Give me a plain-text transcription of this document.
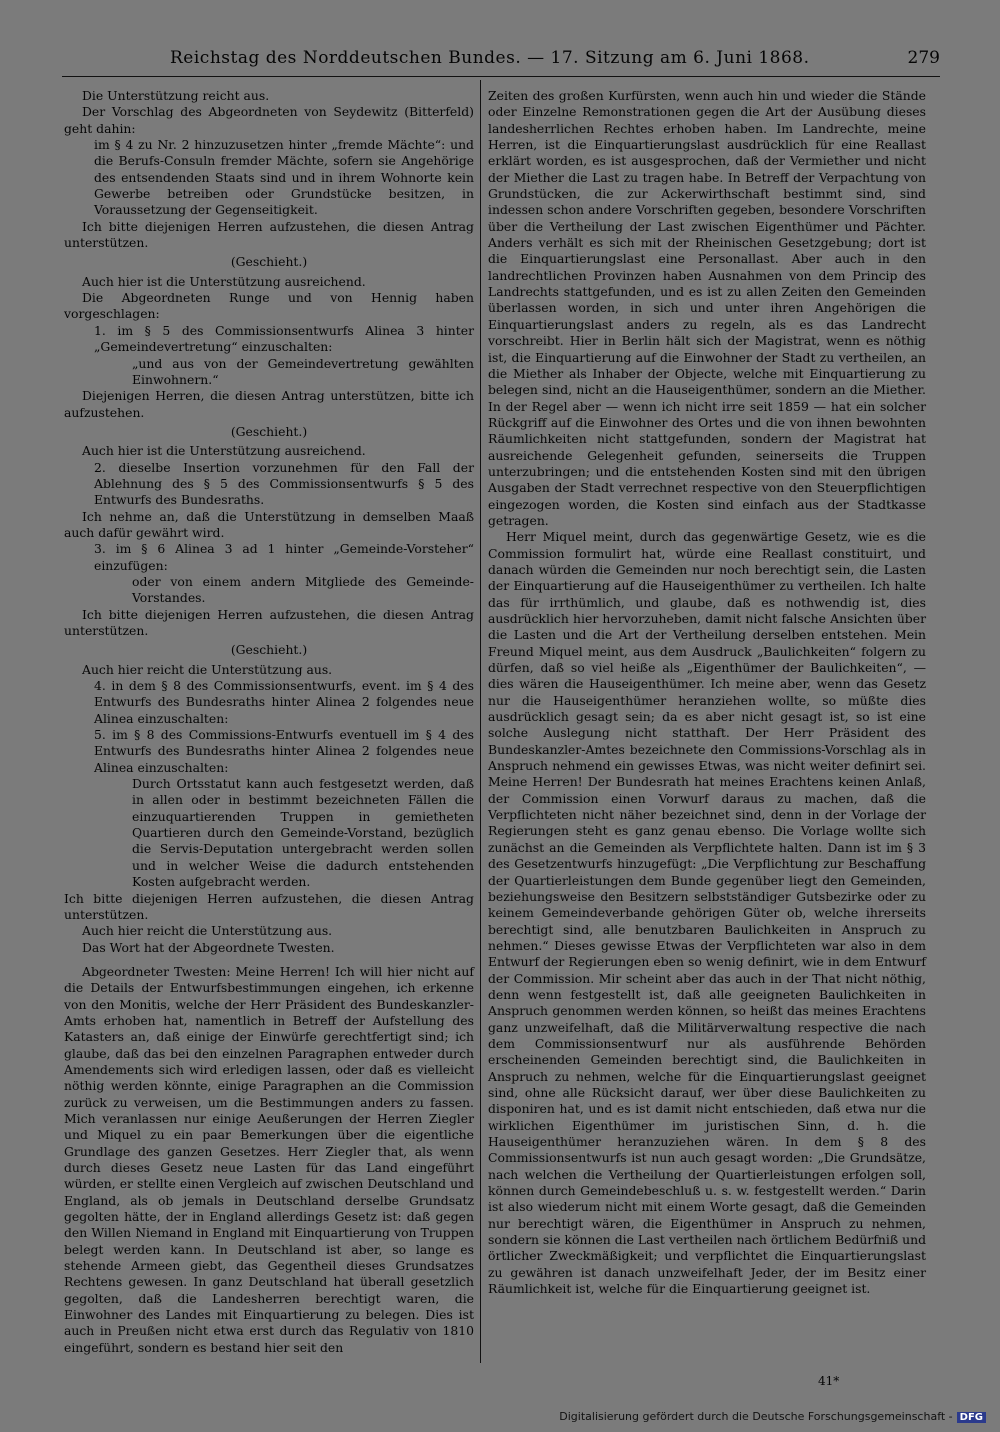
Reichstag des Norddeutschen Bundes. — 17. Sitzung am 6. Juni 1868.	279

Die Unterstützung reicht aus.

Der Vorschlag des Abgeordneten von Seydewitz (Bitterfeld) geht dahin:

im § 4 zu Nr. 2 hinzuzusetzen hinter „fremde Mächte“: und die Berufs-Consuln fremder Mächte, sofern sie Angehörige des entsendenden Staats sind und in ihrem Wohnorte kein Gewerbe betreiben oder Grundstücke besitzen, in Voraussetzung der Gegenseitigkeit.

Ich bitte diejenigen Herren aufzustehen, die diesen Antrag unterstützen.

(Geschieht.)

Auch hier ist die Unterstützung ausreichend.

Die Abgeordneten Runge und von Hennig haben vorgeschlagen:

1. im § 5 des Commissionsentwurfs Alinea 3 hinter „Gemeindevertretung“ einzuschalten:

„und aus von der Gemeindevertretung gewählten Einwohnern.“

Diejenigen Herren, die diesen Antrag unterstützen, bitte ich aufzustehen.

(Geschieht.)

Auch hier ist die Unterstützung ausreichend.

2. dieselbe Insertion vorzunehmen für den Fall der Ablehnung des § 5 des Commissionsentwurfs § 5 des Entwurfs des Bundesraths.

Ich nehme an, daß die Unterstützung in demselben Maaß auch dafür gewährt wird.

3. im § 6 Alinea 3 ad 1 hinter „Gemeinde-Vorsteher“ einzufügen:

oder von einem andern Mitgliede des Gemeinde-Vorstandes.

Ich bitte diejenigen Herren aufzustehen, die diesen Antrag unterstützen.

(Geschieht.)

Auch hier reicht die Unterstützung aus.

4. in dem § 8 des Commissionsentwurfs, event. im § 4 des Entwurfs des Bundesraths hinter Alinea 2 folgendes neue Alinea einzuschalten:

5. im § 8 des Commissions-Entwurfs eventuell im § 4 des Entwurfs des Bundesraths hinter Alinea 2 folgendes neue Alinea einzuschalten:

Durch Ortsstatut kann auch festgesetzt werden, daß in allen oder in bestimmt bezeichneten Fällen die einzuquartierenden Truppen in gemietheten Quartieren durch den Gemeinde-Vorstand, bezüglich die Servis-Deputation untergebracht werden sollen und in welcher Weise die dadurch entstehenden Kosten aufgebracht werden.

Ich bitte diejenigen Herren aufzustehen, die diesen Antrag unterstützen.

Auch hier reicht die Unterstützung aus.

Das Wort hat der Abgeordnete Twesten.

Abgeordneter Twesten: Meine Herren! Ich will hier nicht auf die Details der Entwurfsbestimmungen eingehen, ich erkenne von den Monitis, welche der Herr Präsident des Bundeskanzler-Amts erhoben hat, namentlich in Betreff der Aufstellung des Katasters an, daß einige der Einwürfe gerechtfertigt sind; ich glaube, daß das bei den einzelnen Paragraphen entweder durch Amendements sich wird erledigen lassen, oder daß es vielleicht nöthig werden könnte, einige Paragraphen an die Commission zurück zu verweisen, um die Bestimmungen anders zu fassen. Mich veranlassen nur einige Aeußerungen der Herren Ziegler und Miquel zu ein paar Bemerkungen über die eigentliche Grundlage des ganzen Gesetzes. Herr Ziegler that, als wenn durch dieses Gesetz neue Lasten für das Land eingeführt würden, er stellte einen Vergleich auf zwischen Deutschland und England, als ob jemals in Deutschland derselbe Grundsatz gegolten hätte, der in England allerdings Gesetz ist: daß gegen den Willen Niemand in England mit Einquartierung von Truppen belegt werden kann. In Deutschland ist aber, so lange es stehende Armeen giebt, das Gegentheil dieses Grundsatzes Rechtens gewesen. In ganz Deutschland hat überall gesetzlich gegolten, daß die Landesherren berechtigt waren, die Einwohner des Landes mit Einquartierung zu belegen. Dies ist auch in Preußen nicht etwa erst durch das Regulativ von 1810 eingeführt, sondern es bestand hier seit den

Zeiten des großen Kurfürsten, wenn auch hin und wieder die Stände oder Einzelne Remonstrationen gegen die Art der Ausübung dieses landesherrlichen Rechtes erhoben haben. Im Landrechte, meine Herren, ist die Einquartierungslast ausdrücklich für eine Reallast erklärt worden, es ist ausgesprochen, daß der Vermiether und nicht der Miether die Last zu tragen habe. In Betreff der Verpachtung von Grundstücken, die zur Ackerwirthschaft bestimmt sind, sind indessen schon andere Vorschriften gegeben, besondere Vorschriften über die Vertheilung der Last zwischen Eigenthümer und Pächter. Anders verhält es sich mit der Rheinischen Gesetzgebung; dort ist die Einquartierungslast eine Personallast. Aber auch in den landrechtlichen Provinzen haben Ausnahmen von dem Princip des Landrechts stattgefunden, und es ist zu allen Zeiten den Gemeinden überlassen worden, in sich und unter ihren Angehörigen die Einquartierungslast anders zu regeln, als es das Landrecht vorschreibt. Hier in Berlin hält sich der Magistrat, wenn es nöthig ist, die Einquartierung auf die Einwohner der Stadt zu vertheilen, an die Miether als Inhaber der Objecte, welche mit Einquartierung zu belegen sind, nicht an die Hauseigenthümer, sondern an die Miether. In der Regel aber — wenn ich nicht irre seit 1859 — hat ein solcher Rückgriff auf die Einwohner des Ortes und die von ihnen bewohnten Räumlichkeiten nicht stattgefunden, sondern der Magistrat hat ausreichende Gelegenheit gefunden, seinerseits die Truppen unterzubringen; und die entstehenden Kosten sind mit den übrigen Ausgaben der Stadt verrechnet respective von den Steuerpflichtigen eingezogen worden, die Kosten sind einfach aus der Stadtkasse getragen.

Herr Miquel meint, durch das gegenwärtige Gesetz, wie es die Commission formulirt hat, würde eine Reallast constituirt, und danach würden die Gemeinden nur noch berechtigt sein, die Lasten der Einquartierung auf die Hauseigenthümer zu vertheilen. Ich halte das für irrthümlich, und glaube, daß es nothwendig ist, dies ausdrücklich hier hervorzuheben, damit nicht falsche Ansichten über die Lasten und die Art der Vertheilung derselben entstehen. Mein Freund Miquel meint, aus dem Ausdruck „Baulichkeiten“ folgern zu dürfen, daß so viel heiße als „Eigenthümer der Baulichkeiten“, — dies wären die Hauseigenthümer. Ich meine aber, wenn das Gesetz nur die Hauseigenthümer heranziehen wollte, so müßte dies ausdrücklich gesagt sein; da es aber nicht gesagt ist, so ist eine solche Auslegung nicht statthaft. Der Herr Präsident des Bundeskanzler-Amtes bezeichnete den Commissions-Vorschlag als in Anspruch nehmend ein gewisses Etwas, was nicht weiter definirt sei. Meine Herren! Der Bundesrath hat meines Erachtens keinen Anlaß, der Commission einen Vorwurf daraus zu machen, daß die Verpflichteten nicht näher bezeichnet sind, denn in der Vorlage der Regierungen steht es ganz genau ebenso. Die Vorlage wollte sich zunächst an die Gemeinden als Verpflichtete halten. Dann ist im § 3 des Gesetzentwurfs hinzugefügt: „Die Verpflichtung zur Beschaffung der Quartierleistungen dem Bunde gegenüber liegt den Gemeinden, beziehungsweise den Besitzern selbstständiger Gutsbezirke oder zu keinem Gemeindeverbande gehörigen Güter ob, welche ihrerseits berechtigt sind, alle benutzbaren Baulichkeiten in Anspruch zu nehmen.“ Dieses gewisse Etwas der Verpflichteten war also in dem Entwurf der Regierungen eben so wenig definirt, wie in dem Entwurf der Commission. Mir scheint aber das auch in der That nicht nöthig, denn wenn festgestellt ist, daß alle geeigneten Baulichkeiten in Anspruch genommen werden können, so heißt das meines Erachtens ganz unzweifelhaft, daß die Militärverwaltung respective die nach dem Commissionsentwurf nur als ausführende Behörden erscheinenden Gemeinden berechtigt sind, die Baulichkeiten in Anspruch zu nehmen, welche für die Einquartierungslast geeignet sind, ohne alle Rücksicht darauf, wer über diese Baulichkeiten zu disponiren hat, und es ist damit nicht entschieden, daß etwa nur die wirklichen Eigenthümer im juristischen Sinn, d. h. die Hauseigenthümer heranzuziehen wären. In dem § 8 des Commissionsentwurfs ist nun auch gesagt worden: „Die Grundsätze, nach welchen die Vertheilung der Quartierleistungen erfolgen soll, können durch Gemeindebeschluß u. s. w. festgestellt werden.“ Darin ist also wiederum nicht mit einem Worte gesagt, daß die Gemeinden nur berechtigt wären, die Eigenthümer in Anspruch zu nehmen, sondern sie können die Last vertheilen nach örtlichem Bedürfniß und örtlicher Zweckmäßigkeit; und verpflichtet die Einquartierungslast zu gewähren ist danach unzweifelhaft Jeder, der im Besitz einer Räumlichkeit ist, welche für die Einquartierung geeignet ist.

41*
Digitalisierung gefördert durch die Deutsche Forschungsgemeinschaft - DFG
